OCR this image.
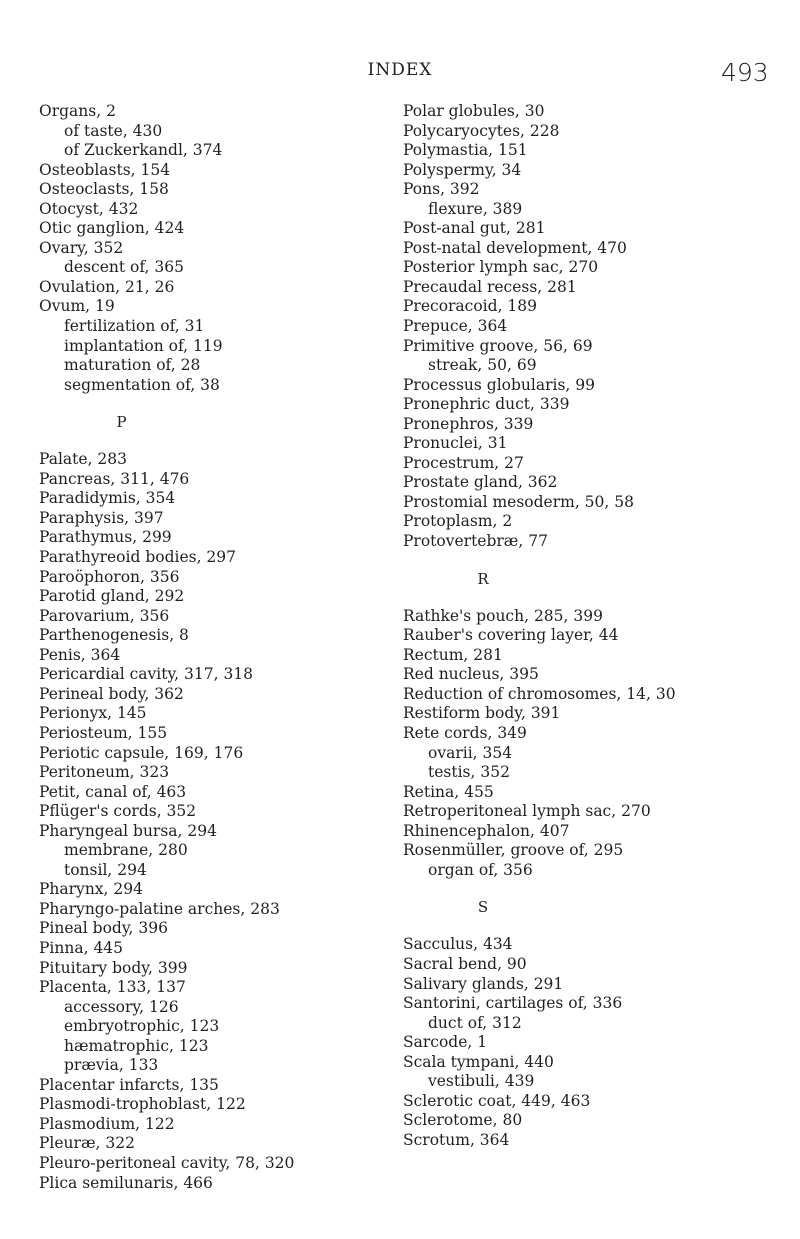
INDEX	493
Organs, 2
of taste, 430
of Zuckerkandl, 374
Osteoblasts, 154
Osteoclasts, 158
Otocyst, 432
Otic ganglion, 424
Ovary, 352
descent of, 365
Ovulation, 21, 26
Ovum, 19
fertilization of, 31
implantation of, 119
maturation of, 28
segmentation of, 38
P
Palate, 283
Pancreas, 311, 476
Paradidymis, 354
Paraphysis, 397
Parathymus, 299
Parathyreoid bodies, 297
Paroöphoron, 356
Parotid gland, 292
Parovarium, 356
Parthenogenesis, 8
Penis, 364
Pericardial cavity, 317, 318
Perineal body, 362
Perionyx, 145
Periosteum, 155
Periotic capsule, 169, 176
Peritoneum, 323
Petit, canal of, 463
Pflüger's cords, 352
Pharyngeal bursa, 294
membrane, 280
tonsil, 294
Pharynx, 294
Pharyngo-palatine arches, 283
Pineal body, 396
Pinna, 445
Pituitary body, 399
Placenta, 133, 137
accessory, 126
embryotrophic, 123
hæmatrophic, 123
prævia, 133
Placentar infarcts, 135
Plasmodi-trophoblast, 122
Plasmodium, 122
Pleuræ, 322
Pleuro-peritoneal cavity, 78, 320
Plica semilunaris, 466
Polar globules, 30
Polycaryocytes, 228
Polymastia, 151
Polyspermy, 34
Pons, 392
flexure, 389
Post-anal gut, 281
Post-natal development, 470
Posterior lymph sac, 270
Precaudal recess, 281
Precoracoid, 189
Prepuce, 364
Primitive groove, 56, 69
streak, 50, 69
Processus globularis, 99
Pronephric duct, 339
Pronephros, 339
Pronuclei, 31
Procestrum, 27
Prostate gland, 362
Prostomial mesoderm, 50, 58
Protoplasm, 2
Protovertebræ, 77
R
Rathke's pouch, 285, 399
Rauber's covering layer, 44
Rectum, 281
Red nucleus, 395
Reduction of chromosomes, 14, 30
Restiform body, 391
Rete cords, 349
ovarii, 354
testis, 352
Retina, 455
Retroperitoneal lymph sac, 270
Rhinencephalon, 407
Rosenmüller, groove of, 295
organ of, 356
S
Sacculus, 434
Sacral bend, 90
Salivary glands, 291
Santorini, cartilages of, 336
duct of, 312
Sarcode, 1
Scala tympani, 440
vestibuli, 439
Sclerotic coat, 449, 463
Sclerotome, 80
Scrotum, 364
